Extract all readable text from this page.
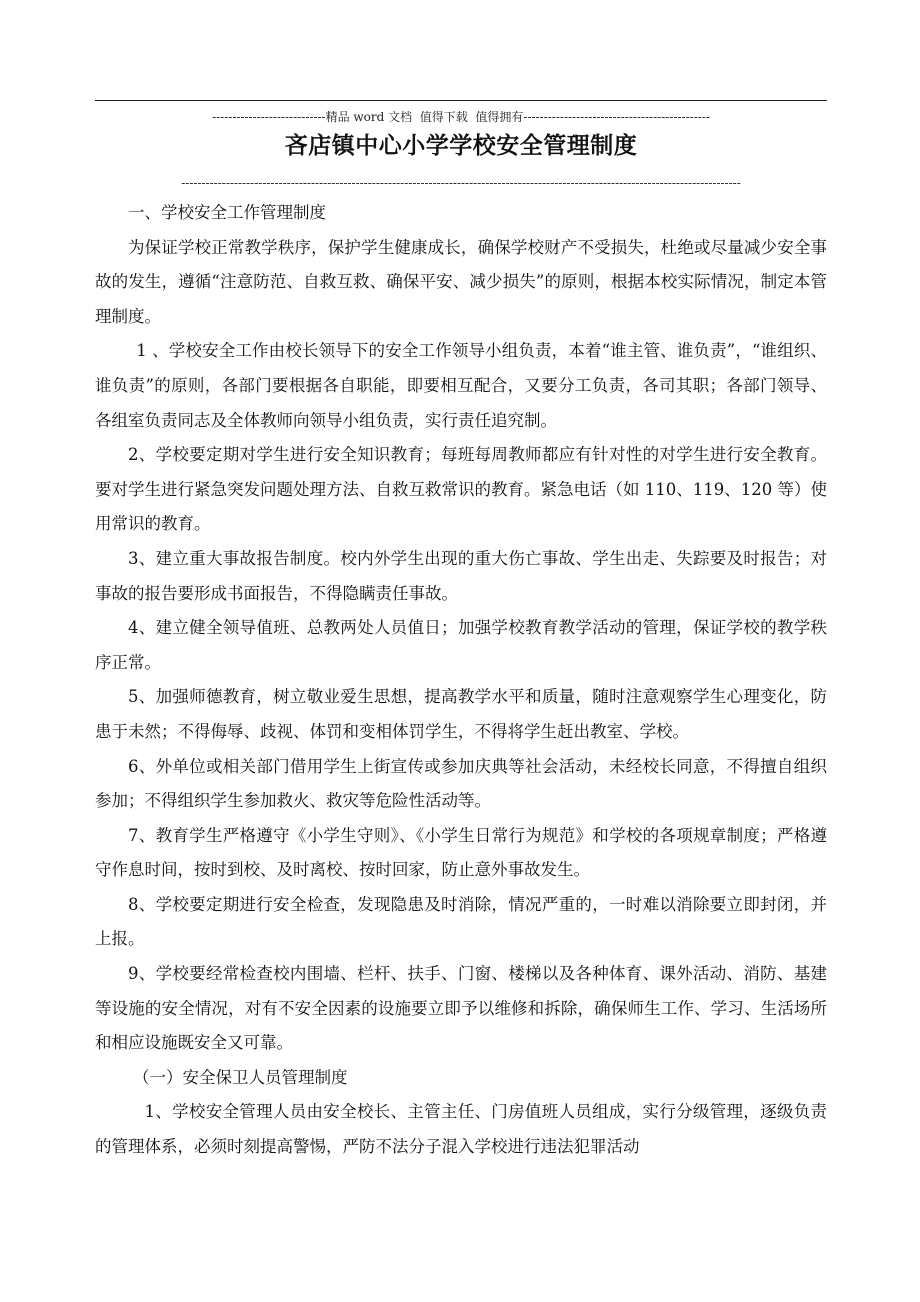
----------------------------精品 word 文档  值得下载  值得拥有----------------------------------------------

------------------------------------------------------------------------------------------------------------------------------------------

吝店镇中心小学学校安全管理制度

一、学校安全工作管理制度

为保证学校正常教学秩序，保护学生健康成长，确保学校财产不受损失，杜绝或尽量减少安全事故的发生，遵循“注意防范、自救互救、确保平安、减少损失”的原则，根据本校实际情况，制定本管理制度。

1 、学校安全工作由校长领导下的安全工作领导小组负责，本着“谁主管、谁负责”，“谁组织、谁负责”的原则，各部门要根据各自职能，即要相互配合，又要分工负责，各司其职；各部门领导、各组室负责同志及全体教师向领导小组负责，实行责任追究制。

2、学校要定期对学生进行安全知识教育；每班每周教师都应有针对性的对学生进行安全教育。要对学生进行紧急突发问题处理方法、自救互救常识的教育。紧急电话（如 110、119、120 等）使用常识的教育。

3、建立重大事故报告制度。校内外学生出现的重大伤亡事故、学生出走、失踪要及时报告；对事故的报告要形成书面报告，不得隐瞒责任事故。

4、建立健全领导值班、总教两处人员值日；加强学校教育教学活动的管理，保证学校的教学秩序正常。

5、加强师德教育，树立敬业爱生思想，提高教学水平和质量，随时注意观察学生心理变化，防患于未然；不得侮辱、歧视、体罚和变相体罚学生，不得将学生赶出教室、学校。

6、外单位或相关部门借用学生上街宣传或参加庆典等社会活动，未经校长同意，不得擅自组织参加；不得组织学生参加救火、救灾等危险性活动等。

7、教育学生严格遵守《小学生守则》、《小学生日常行为规范》和学校的各项规章制度；严格遵守作息时间，按时到校、及时离校、按时回家，防止意外事故发生。

8、学校要定期进行安全检查，发现隐患及时消除，情况严重的，一时难以消除要立即封闭，并上报。

9、学校要经常检查校内围墙、栏杆、扶手、门窗、楼梯以及各种体育、课外活动、消防、基建等设施的安全情况，对有不安全因素的设施要立即予以维修和拆除，确保师生工作、学习、生活场所和相应设施既安全又可靠。

（一）安全保卫人员管理制度

1、学校安全管理人员由安全校长、主管主任、门房值班人员组成，实行分级管理，逐级负责的管理体系，必须时刻提高警惕，严防不法分子混入学校进行违法犯罪活动
